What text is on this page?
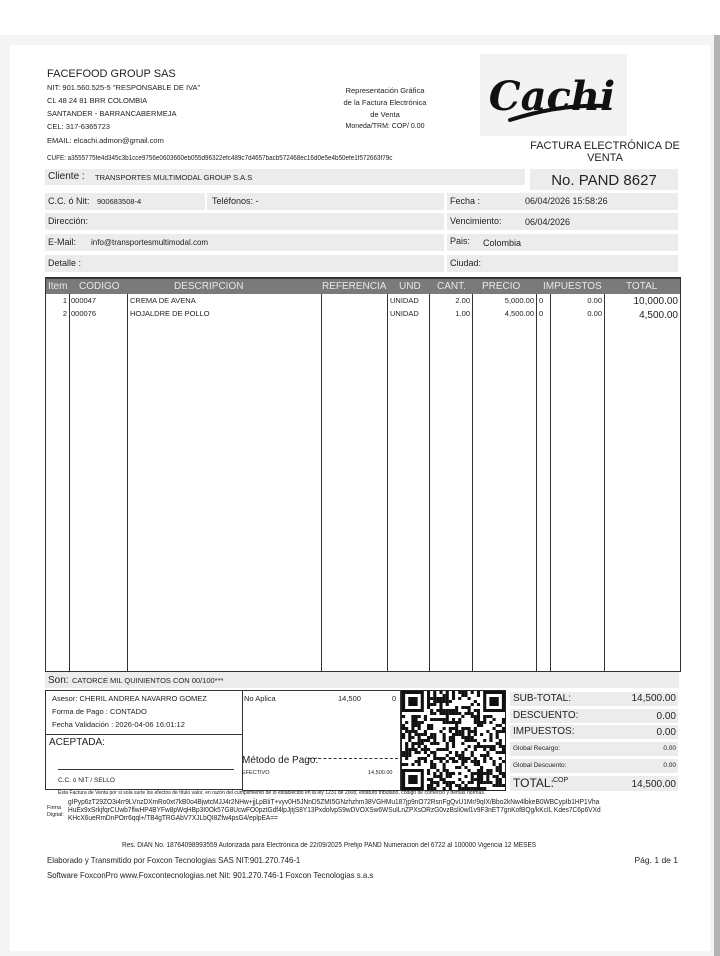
FACEFOOD GROUP SAS
NIT: 901.560.525-5 "RESPONSABLE DE IVA"
CL 48 24 81 BRR COLOMBIA
SANTANDER - BARRANCABERMEJA
CEL: 317-6365723
EMAIL: elcachi.admon@gmail.com
Representación Gráfica
de la Factura Electrónica
de Venta
Moneda/TRM: COP/ 0.00
Cachi
CUFE: a3555775fe4d345c3b1cce9756e0603660eb055d96322efc489c7d4657bacb572468ec16d0e5e4b50efe1f572663f79c
FACTURA ELECTRÓNICA DE VENTA
Cliente : TRANSPORTES MULTIMODAL GROUP S.A.S	No. PAND 8627
C.C. ó Nit: 900683508-4	Teléfonos: -	Fecha :	06/04/2026 15:58:26
Dirección:	Vencimiento:	06/04/2026
E-Mail: info@transportesmultimodal.com	Pais: Colombia
Detalle :	Ciudad:
Item CODIGO	DESCRIPCION	REFERENCIA UND CANT. PRECIO IMPUESTOS TOTAL
1 000047	CREMA DE AVENA	UNIDAD	2.00	5,000.00 0	0.00	10,000.00
2 000076	HOJALDRE DE POLLO	UNIDAD	1.00	4,500.00 0	0.00	4,500.00
Son: CATORCE MIL QUINIENTOS CON 00/100***
Asesor: CHERIL ANDREA NAVARRO GOMEZ
Forma de Pago : CONTADO
Fecha Validación : 2026-04-06 16:01:12
ACEPTADA:
C.C. ó NIT / SELLO
No Aplica	14,500	0
Método de Pago:
EFECTIVO	14,500.00
SUB-TOTAL:	14,500.00
DESCUENTO:	0.00
IMPUESTOS:	0.00
Global Recargo:	0.00
Global Descuento:	0.00
TOTAL: COP	14,500.00
Esta Factura de Venta por si sola surte los efectos de título valor, en razón del cumplimiento de lo establecido en la ley 1231 de 2008, estaturo tributario, código de comercio y demás normas.
Firma
Digital:
gIPyp6zT29ZO3i4rr9LVnzDXmRo0xt7kB0o4BjwtcMJJ4r2NHw+jjLpBIiT+vyv0H5JNnD5ZMI5GNzhzhm38VGHMu187jp9nO72RsnFgQvU1Mr/9qIX/Bbo2kNw4lbkeB0WBCypIb1HP1Vha
HuEx9xSrkjfqrCUwb7flwHP4BYFw8pWqHBp3I0Ok57G8UcwFO0pztGdf4lpJjtjS8Y13PxdolvpS9wDVOXSw6WSulLnZPXsORzG0vzBsli0wl1v9F3nET7gnKofBQg/kKcIL Kdes7C6p6VXd
KHcX6ueRmDnPOrr6qql+/TB4gTRGAbV7XJLbQI8Zfw4psG4/eplpEA==
Res. DIAN No. 18764098993559 Autorizada para Electrónica de 22/09/2025 Prefijo PAND Numeracion del 6722 al 100000 Vigencia 12 MESES
Elaborado y Transmitido por Foxcon Tecnologias SAS NIT:901.270.746-1
Software FoxconPro www.Foxcontecnologias.net Nit: 901.270.746-1 Foxcon Tecnologias s.a.s
Pág. 1 de 1
